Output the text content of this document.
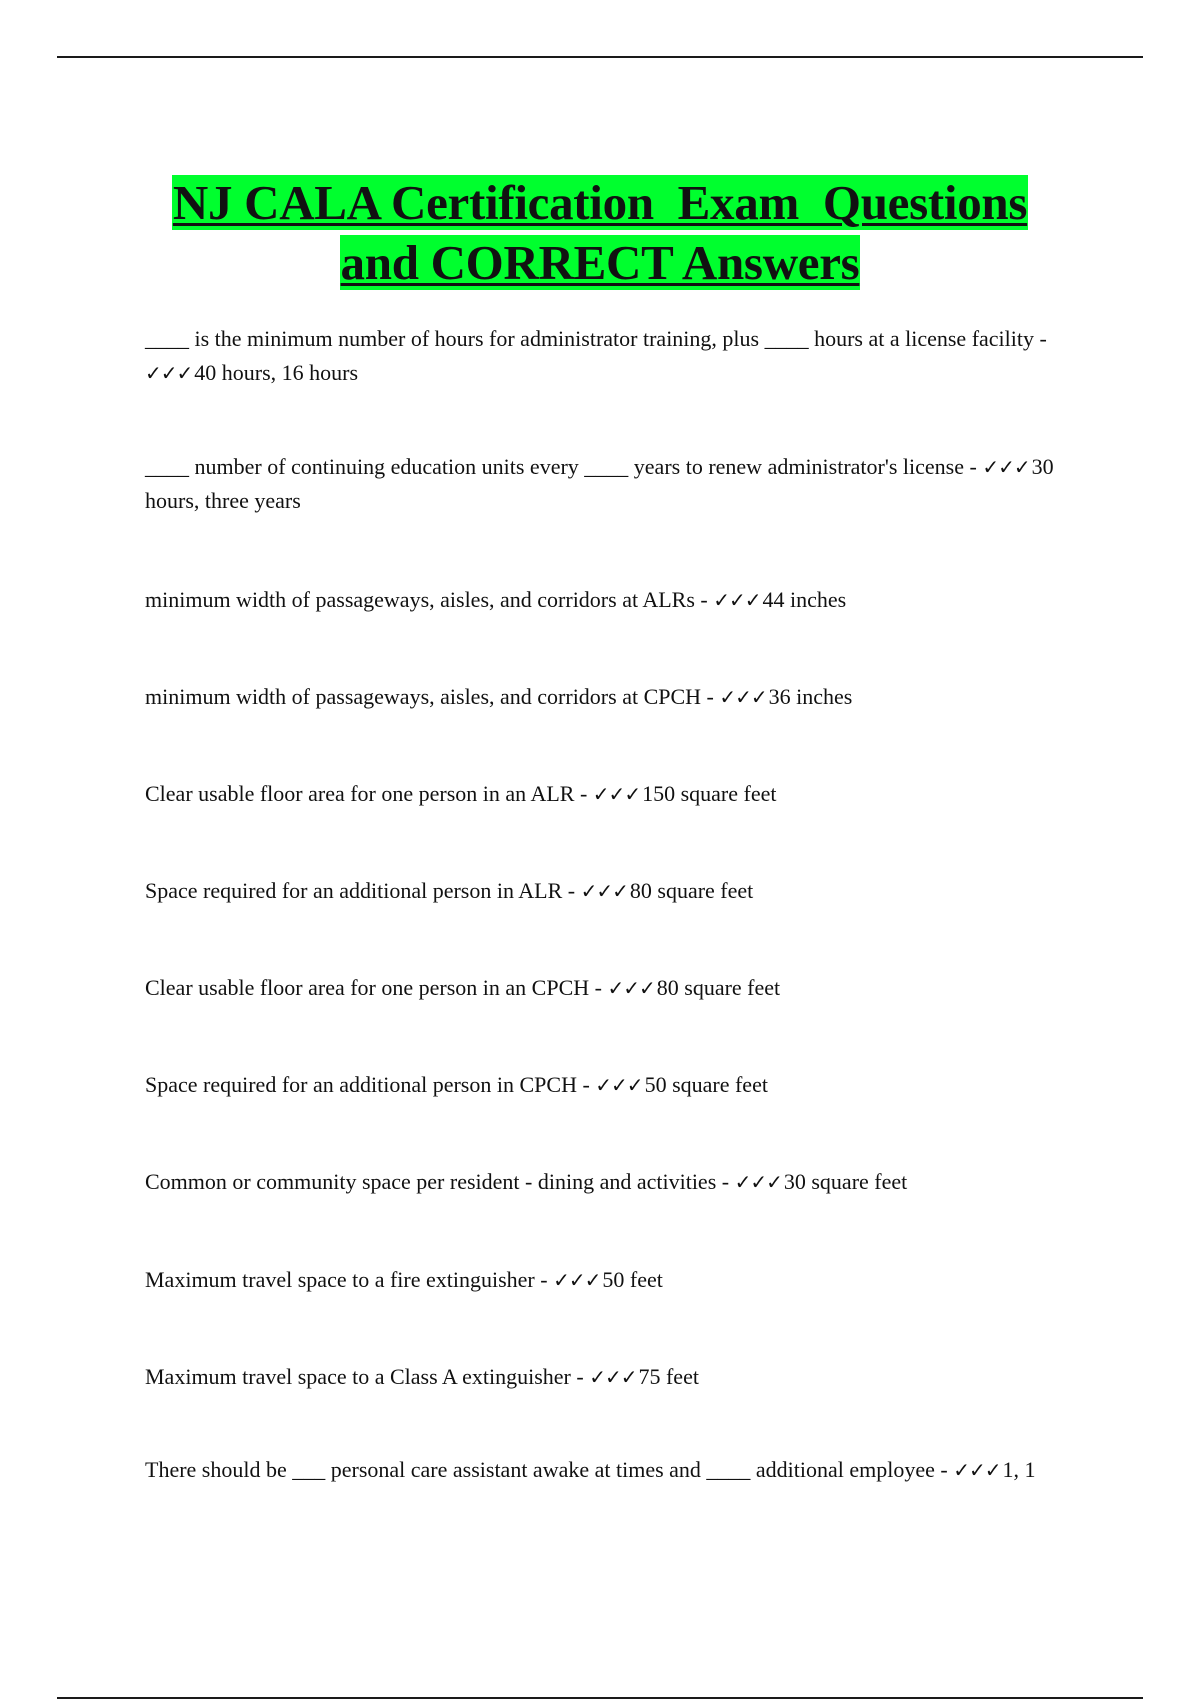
NJ CALA Certification  Exam  Questions
and CORRECT Answers

____ is the minimum number of hours for administrator training, plus ____ hours at a license facility - ✓✓✓40 hours, 16 hours

____ number of continuing education units every ____ years to renew administrator's license - ✓✓✓30 hours, three years

minimum width of passageways, aisles, and corridors at ALRs - ✓✓✓44 inches

minimum width of passageways, aisles, and corridors at CPCH - ✓✓✓36 inches

Clear usable floor area for one person in an ALR - ✓✓✓150 square feet

Space required for an additional person in ALR - ✓✓✓80 square feet

Clear usable floor area for one person in an CPCH - ✓✓✓80 square feet

Space required for an additional person in CPCH - ✓✓✓50 square feet

Common or community space per resident - dining and activities - ✓✓✓30 square feet

Maximum travel space to a fire extinguisher - ✓✓✓50 feet

Maximum travel space to a Class A extinguisher - ✓✓✓75 feet

There should be ___ personal care assistant awake at times and ____ additional employee - ✓✓✓1, 1
